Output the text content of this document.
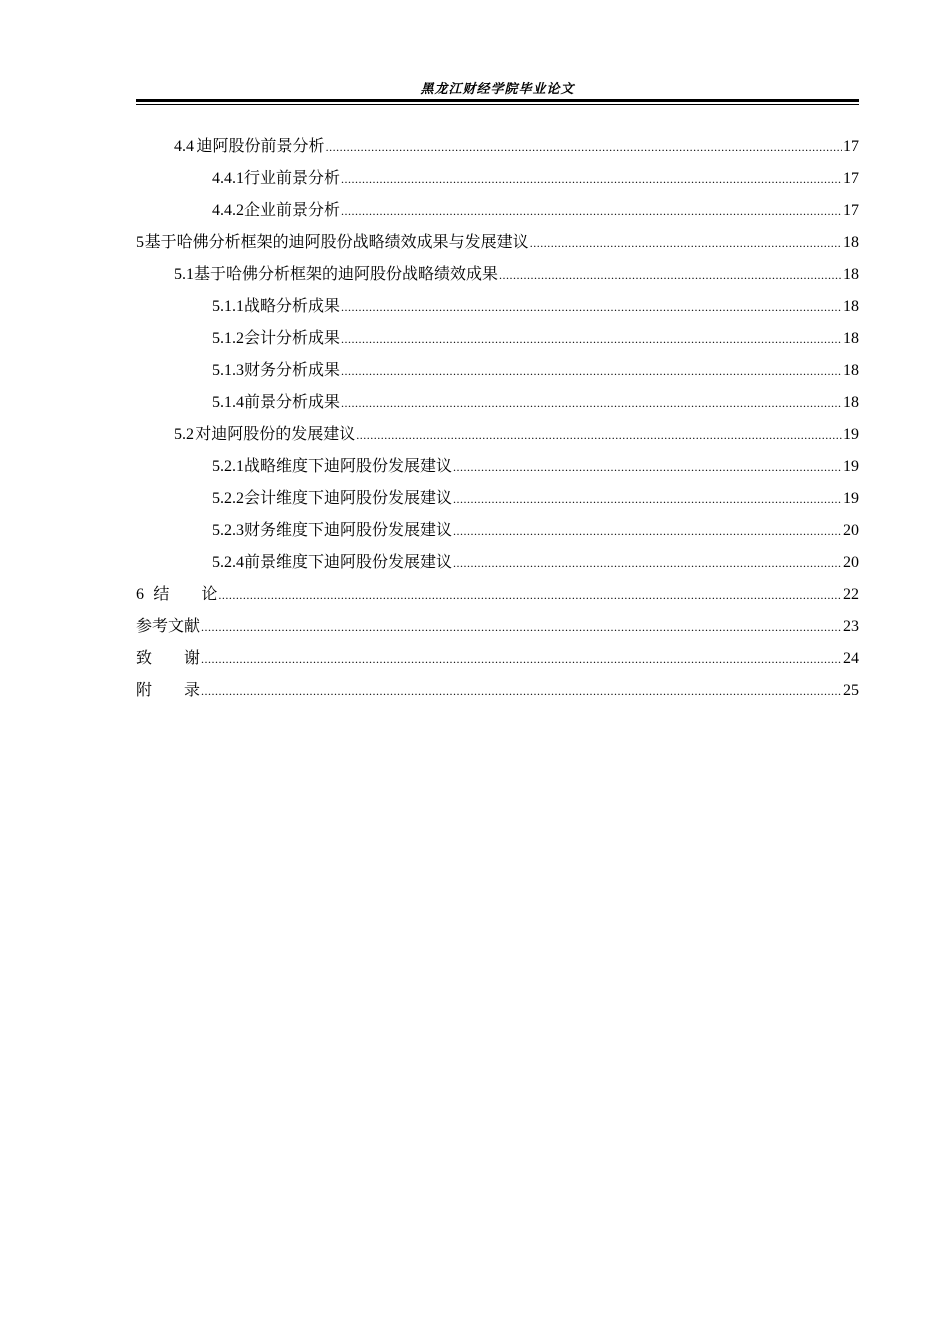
黑龙江财经学院毕业论文
4.4 迪阿股份前景分析 .....	17
4.4.1 行业前景分析 .....	17
4.4.2 企业前景分析 .....	17
5 基于哈佛分析框架的迪阿股份战略绩效成果与发展建议 .....	18
5.1 基于哈佛分析框架的迪阿股份战略绩效成果 .....	18
5.1.1 战略分析成果 .....	18
5.1.2 会计分析成果 .....	18
5.1.3 财务分析成果 .....	18
5.1.4 前景分析成果 .....	18
5.2 对迪阿股份的发展建议 .....	19
5.2.1 战略维度下迪阿股份发展建议 .....	19
5.2.2 会计维度下迪阿股份发展建议 .....	19
5.2.3 财务维度下迪阿股份发展建议 .....	20
5.2.4 前景维度下迪阿股份发展建议 .....	20
6 结　　论 .....	22
参考文献 .....	23
致　　谢 .....	24
附　　录 .....	25
